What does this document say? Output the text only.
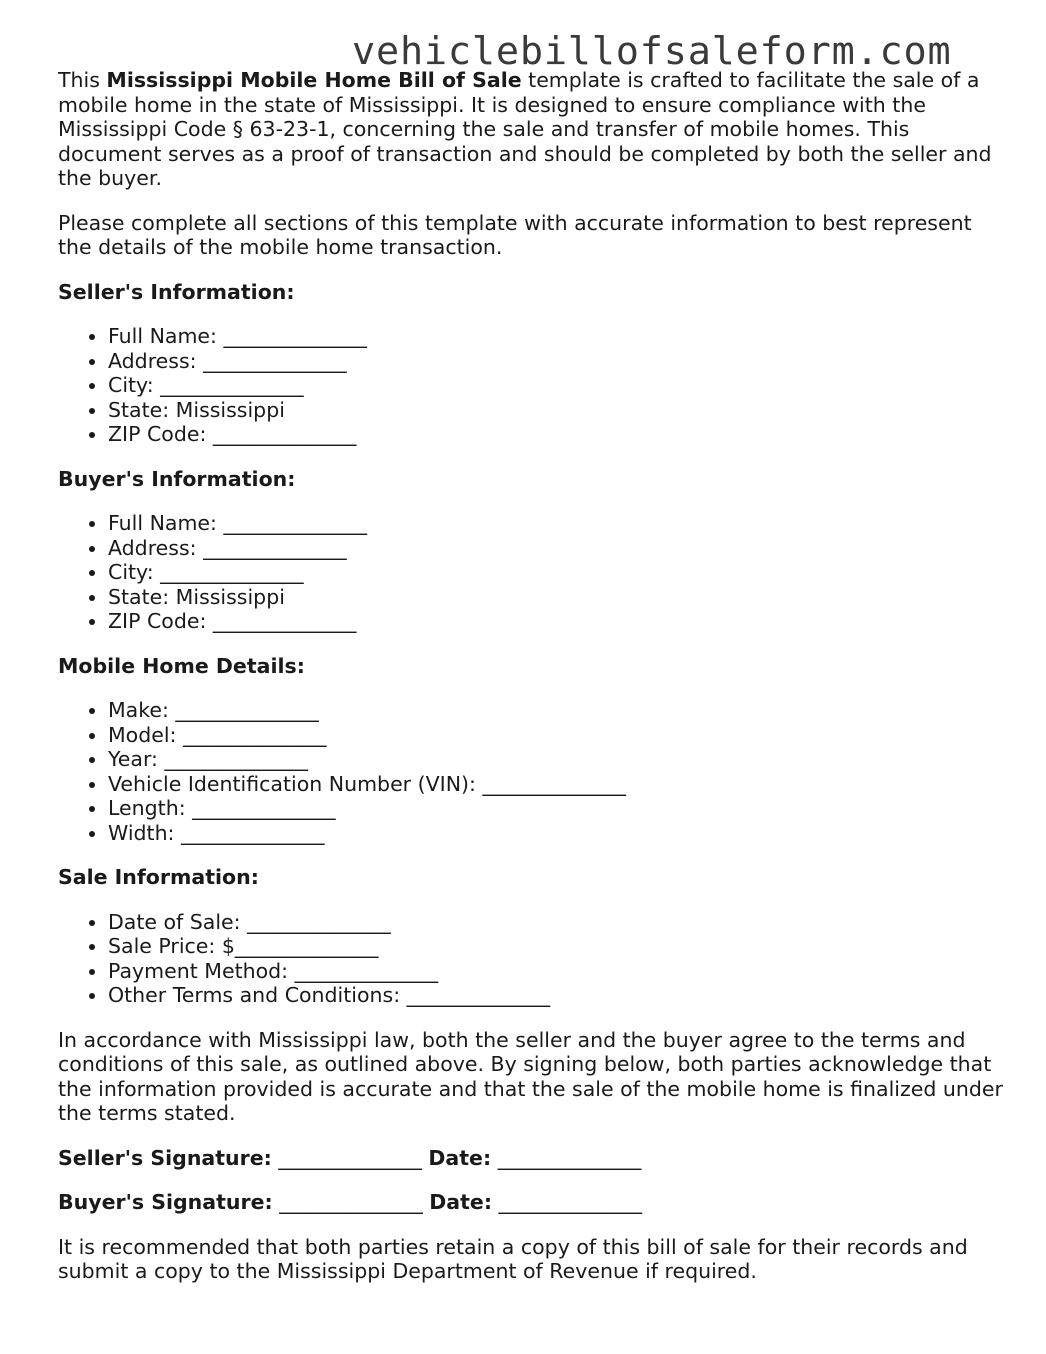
vehiclebillofsaleform.com

This Mississippi Mobile Home Bill of Sale template is crafted to facilitate the sale of a mobile home in the state of Mississippi. It is designed to ensure compliance with the Mississippi Code § 63-23-1, concerning the sale and transfer of mobile homes. This document serves as a proof of transaction and should be completed by both the seller and the buyer.

Please complete all sections of this template with accurate information to best represent the details of the mobile home transaction.

Seller's Information:

• Full Name: ______________
• Address: ______________
• City: ______________
• State: Mississippi
• ZIP Code: ______________

Buyer's Information:

• Full Name: ______________
• Address: ______________
• City: ______________
• State: Mississippi
• ZIP Code: ______________

Mobile Home Details:

• Make: ______________
• Model: ______________
• Year: ______________
• Vehicle Identification Number (VIN): ______________
• Length: ______________
• Width: ______________

Sale Information:

• Date of Sale: ______________
• Sale Price: $______________
• Payment Method: ______________
• Other Terms and Conditions: ______________

In accordance with Mississippi law, both the seller and the buyer agree to the terms and conditions of this sale, as outlined above. By signing below, both parties acknowledge that the information provided is accurate and that the sale of the mobile home is finalized under the terms stated.

Seller's Signature: ______________ Date: ______________

Buyer's Signature: ______________ Date: ______________

It is recommended that both parties retain a copy of this bill of sale for their records and submit a copy to the Mississippi Department of Revenue if required.
